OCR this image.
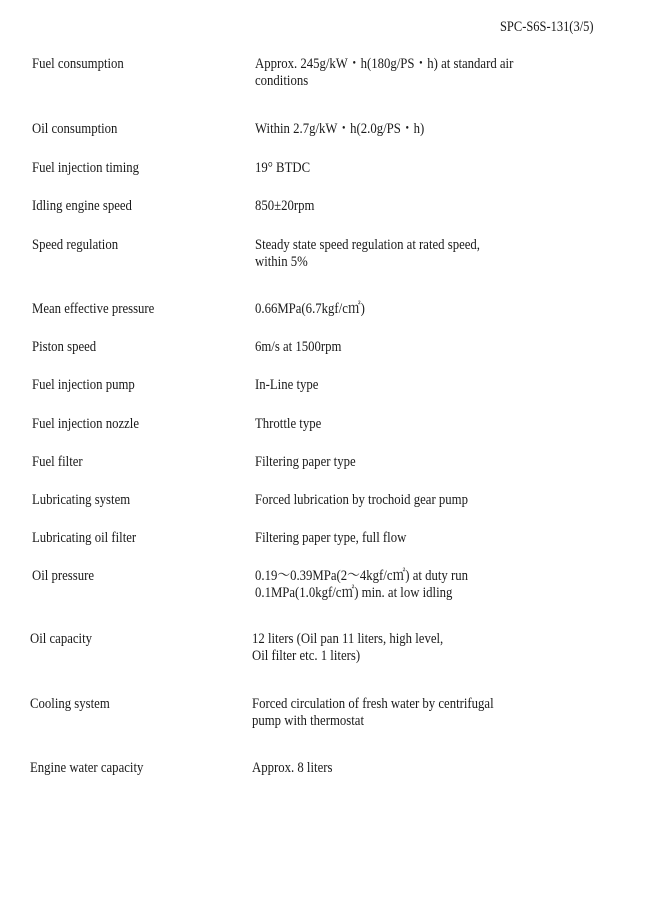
SPC-S6S-131(3/5)
Fuel consumption	Approx. 245g/kW・h(180g/PS・h) at standard air
conditions
Oil consumption	Within 2.7g/kW・h(2.0g/PS・h)
Fuel injection timing	19° BTDC
Idling engine speed	850±20rpm
Speed regulation	Steady state speed regulation at rated speed,
within 5%
Mean effective pressure	0.66MPa(6.7kgf/c㎡)
Piston speed	6m/s at 1500rpm
Fuel injection pump	In-Line type
Fuel injection nozzle	Throttle type
Fuel filter	Filtering paper type
Lubricating system	Forced lubrication by trochoid gear pump
Lubricating oil filter	Filtering paper type, full flow
Oil pressure	0.19〜0.39MPa(2〜4kgf/c㎡) at duty run
0.1MPa(1.0kgf/c㎡) min. at low idling
Oil capacity	12 liters (Oil pan 11 liters, high level,
Oil filter etc. 1 liters)
Cooling system	Forced circulation of fresh water by centrifugal
pump with thermostat
Engine water capacity	Approx. 8 liters
